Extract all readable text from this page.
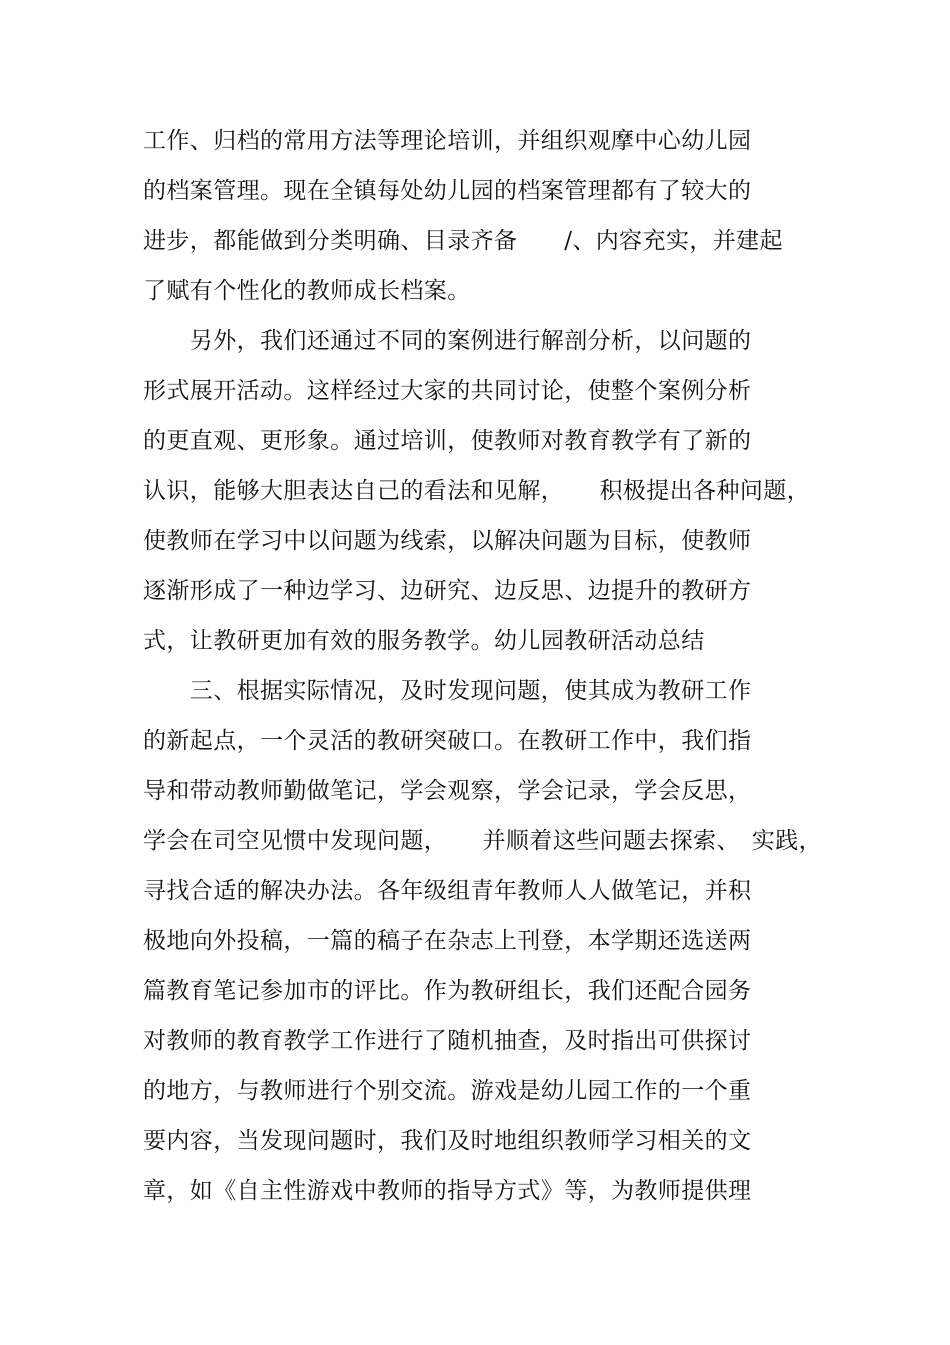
工作、归档的常用方法等理论培训，并组织观摩中心幼儿园
的档案管理。现在全镇每处幼儿园的档案管理都有了较大的
进步，都能做到分类明确、目录齐备　　/、内容充实，并建起
了赋有个性化的教师成长档案。
　　另外，我们还通过不同的案例进行解剖分析，以问题的
形式展开活动。这样经过大家的共同讨论，使整个案例分析
的更直观、更形象。通过培训，使教师对教育教学有了新的
认识，能够大胆表达自己的看法和见解，　　积极提出各种问题，
使教师在学习中以问题为线索，以解决问题为目标，使教师
逐渐形成了一种边学习、边研究、边反思、边提升的教研方
式，让教研更加有效的服务教学。幼儿园教研活动总结
　　三、根据实际情况，及时发现问题，使其成为教研工作
的新起点，一个灵活的教研突破口。在教研工作中，我们指
导和带动教师勤做笔记，学会观察，学会记录，学会反思，
学会在司空见惯中发现问题，　　并顺着这些问题去探索、　实践，
寻找合适的解决办法。各年级组青年教师人人做笔记，并积
极地向外投稿，一篇的稿子在杂志上刊登，本学期还选送两
篇教育笔记参加市的评比。作为教研组长，我们还配合园务
对教师的教育教学工作进行了随机抽查，及时指出可供探讨
的地方，与教师进行个别交流。游戏是幼儿园工作的一个重
要内容，当发现问题时，我们及时地组织教师学习相关的文
章，如《自主性游戏中教师的指导方式》等，为教师提供理
